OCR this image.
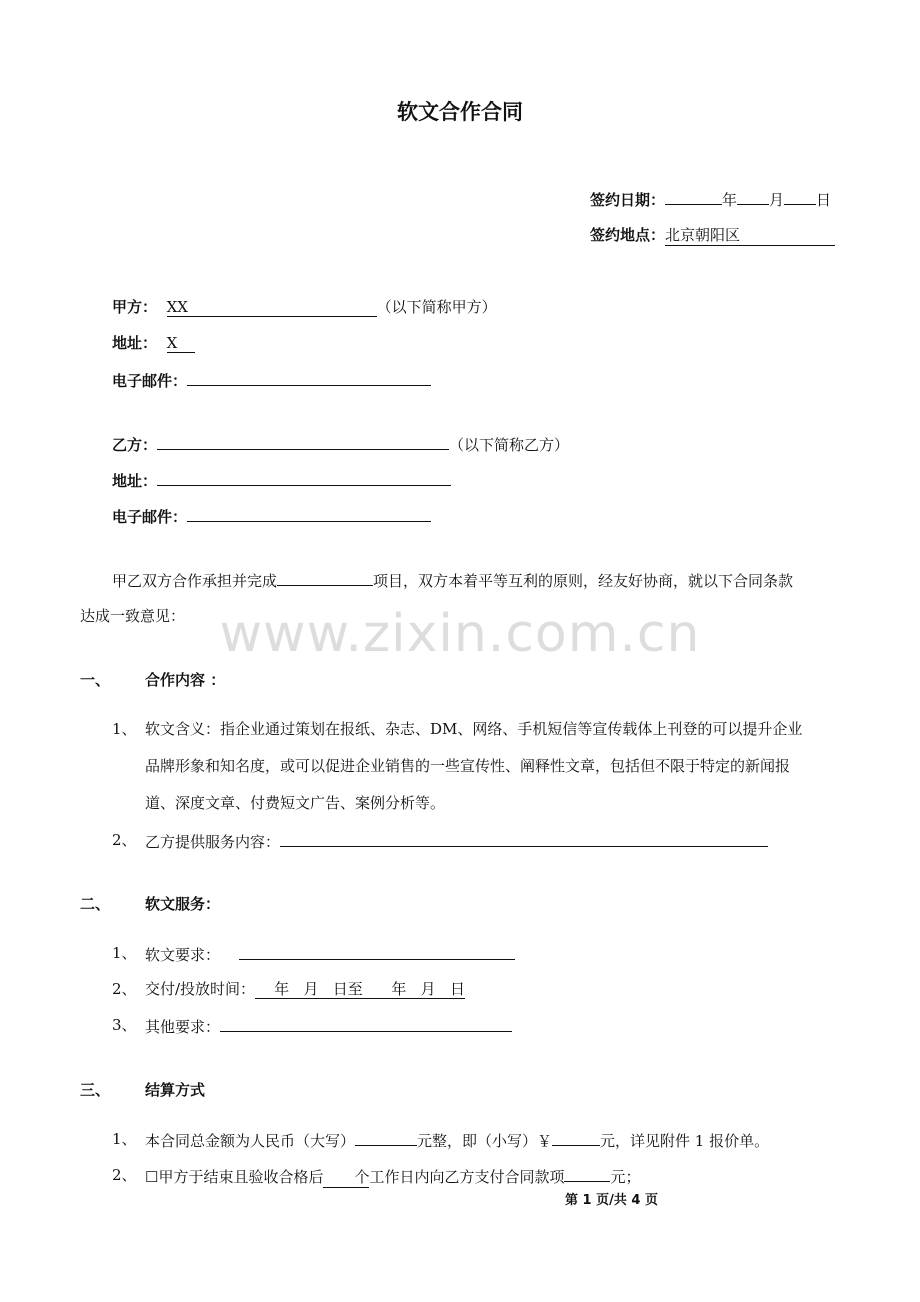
www.zixin.com.cn
软文合作合同
签约日期：	年 月 日
签约地点：北京朝阳区
甲方： XX	（以下简称甲方）
地址： X
电子邮件：
乙方：	（以下简称乙方）
地址：
电子邮件：
甲乙双方合作承担并完成	项目，双方本着平等互利的原则，经友好协商，就以下合同条款
达成一致意见：
一、 合作内容 ：
1、 软文含义：指企业通过策划在报纸、杂志、DM、网络、手机短信等宣传载体上刊登的可以提升企业
品牌形象和知名度，或可以促进企业销售的一些宣传性、阐释性文章，包括但不限于特定的新闻报
道、深度文章、付费短文广告、案例分析等。
2、 乙方提供服务内容：
二、 软文服务：
1、 软文要求：
2、 交付/投放时间：    年   月   日至      年   月   日
3、 其他要求：
三、 结算方式
1、 本合同总金额为人民币（大写）	元整，即（小写）￥	元，详见附件 1 报价单。
2、 ☐甲方于结束且验收合格后 个工作日内向乙方支付合同款项	元；
第 1 页/共 4 页
